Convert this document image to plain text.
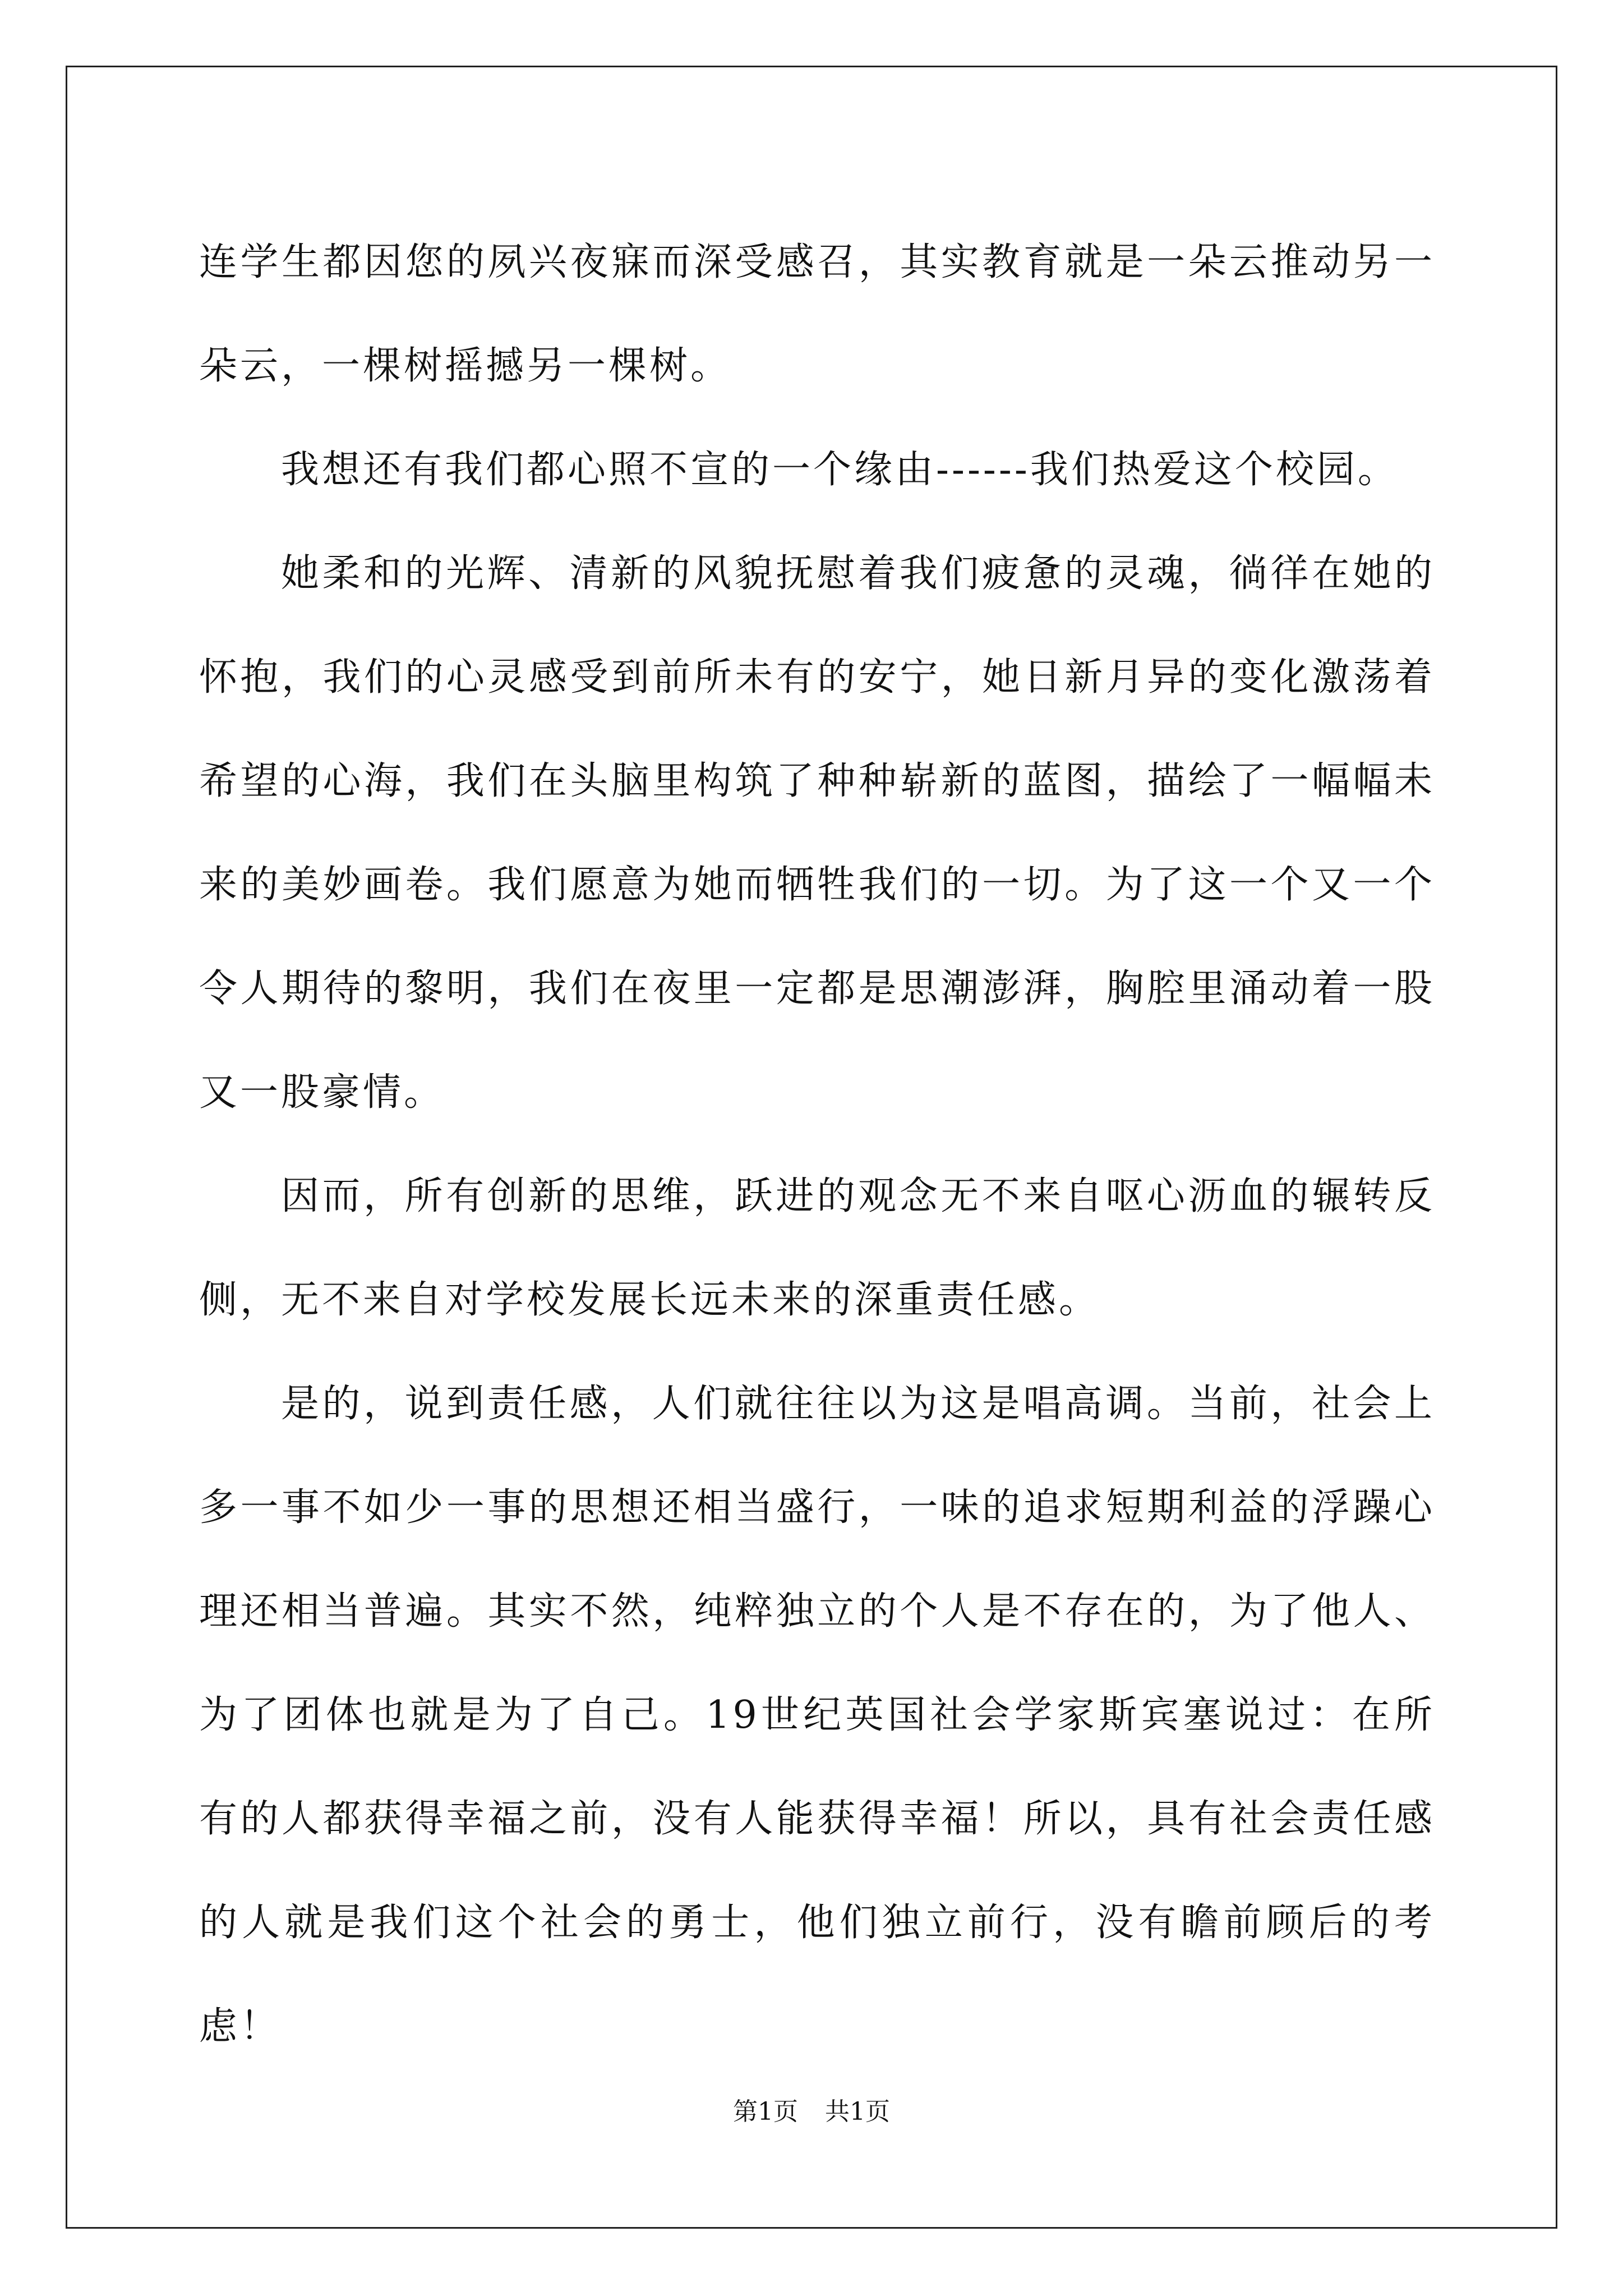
连学生都因您的夙兴夜寐而深受感召，其实教育就是一朵云推动另一朵云，一棵树摇撼另一棵树。

我想还有我们都心照不宣的一个缘由------我们热爱这个校园。

她柔和的光辉、清新的风貌抚慰着我们疲惫的灵魂，徜徉在她的怀抱，我们的心灵感受到前所未有的安宁，她日新月异的变化激荡着希望的心海，我们在头脑里构筑了种种崭新的蓝图，描绘了一幅幅未来的美妙画卷。我们愿意为她而牺牲我们的一切。为了这一个又一个令人期待的黎明，我们在夜里一定都是思潮澎湃，胸腔里涌动着一股又一股豪情。

因而，所有创新的思维，跃进的观念无不来自呕心沥血的辗转反侧，无不来自对学校发展长远未来的深重责任感。

是的，说到责任感，人们就往往以为这是唱高调。当前，社会上多一事不如少一事的思想还相当盛行，一味的追求短期利益的浮躁心理还相当普遍。其实不然，纯粹独立的个人是不存在的，为了他人、为了团体也就是为了自己。19世纪英国社会学家斯宾塞说过：在所有的人都获得幸福之前，没有人能获得幸福！所以，具有社会责任感的人就是我们这个社会的勇士，他们独立前行，没有瞻前顾后的考虑！

第1页 共1页
